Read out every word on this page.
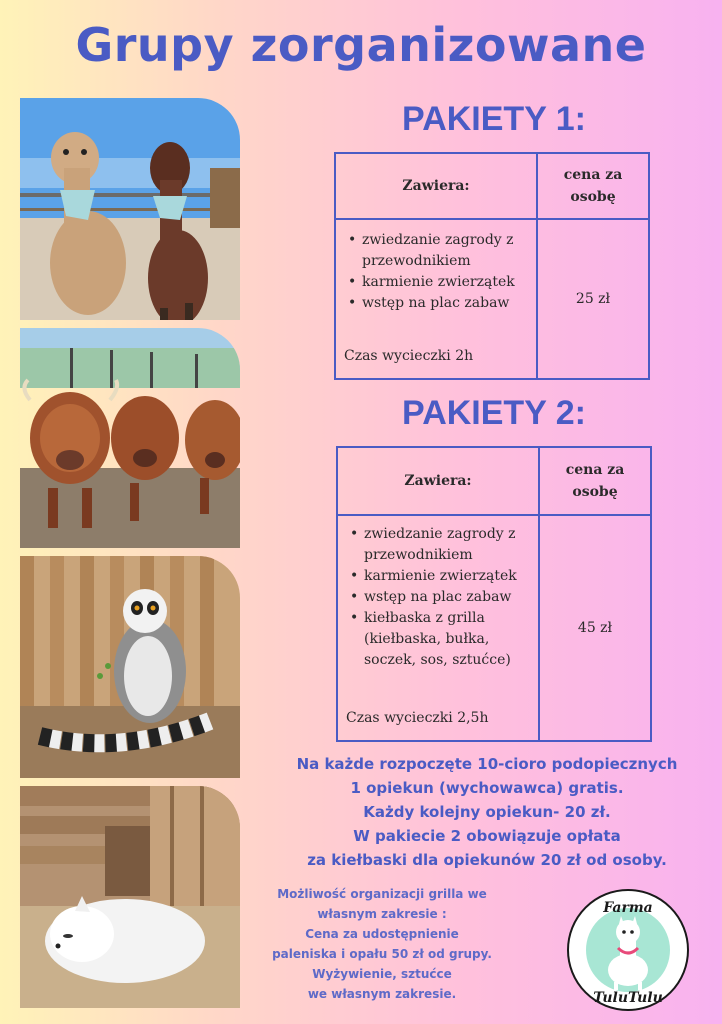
Grupy zorganizowane
PAKIETY 1:
Zawiera:
cena za
osobę
• zwiedzanie zagrody z przewodnikiem
• karmienie zwierzątek
• wstęp na plac zabaw
Czas wycieczki 2h
25 zł
PAKIETY 2:
Zawiera:
cena za
osobę
• zwiedzanie zagrody z przewodnikiem
• karmienie zwierzątek
• wstęp na plac zabaw
• kiełbaska z grilla (kiełbaska, bułka, soczek, sos, sztućce)
Czas wycieczki 2,5h
45 zł
Na każde rozpoczęte 10-cioro podopiecznych
1 opiekun (wychowawca) gratis.
Każdy kolejny opiekun- 20 zł.
W pakiecie 2 obowiązuje opłata
za kiełbaski dla opiekunów 20 zł od osoby.
Możliwość organizacji grilla we
własnym zakresie :
Cena za udostępnienie
paleniska i opału 50 zł od grupy.
Wyżywienie, sztućce
we własnym zakresie.
Farma
TuluTulu
